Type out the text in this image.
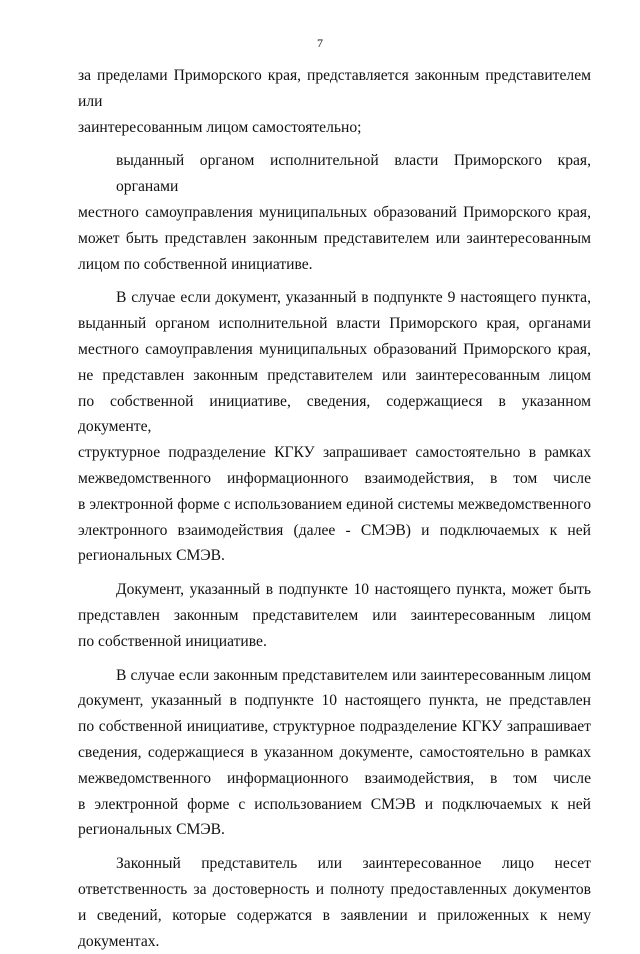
7

за пределами Приморского края, представляется законным представителем или
заинтересованным лицом самостоятельно;

выданный органом исполнительной власти Приморского края, органами
местного самоуправления муниципальных образований Приморского края,
может быть представлен законным представителем или заинтересованным
лицом по собственной инициативе.

В случае если документ, указанный в подпункте 9 настоящего пункта,
выданный органом исполнительной власти Приморского края, органами
местного самоуправления муниципальных образований Приморского края,
не представлен законным представителем или заинтересованным лицом
по собственной инициативе, сведения, содержащиеся в указанном документе,
структурное подразделение КГКУ запрашивает самостоятельно в рамках
межведомственного информационного взаимодействия, в том числе
в электронной форме с использованием единой системы межведомственного
электронного взаимодействия (далее - СМЭВ) и подключаемых к ней
региональных СМЭВ.

Документ, указанный в подпункте 10 настоящего пункта, может быть
представлен законным представителем или заинтересованным лицом
по собственной инициативе.

В случае если законным представителем или заинтересованным лицом
документ, указанный в подпункте 10 настоящего пункта, не представлен
по собственной инициативе, структурное подразделение КГКУ запрашивает
сведения, содержащиеся в указанном документе, самостоятельно в рамках
межведомственного информационного взаимодействия, в том числе
в электронной форме с использованием СМЭВ и подключаемых к ней
региональных СМЭВ.

Законный представитель или заинтересованное лицо несет
ответственность за достоверность и полноту предоставленных документов
и сведений, которые содержатся в заявлении и приложенных к нему
документах.
